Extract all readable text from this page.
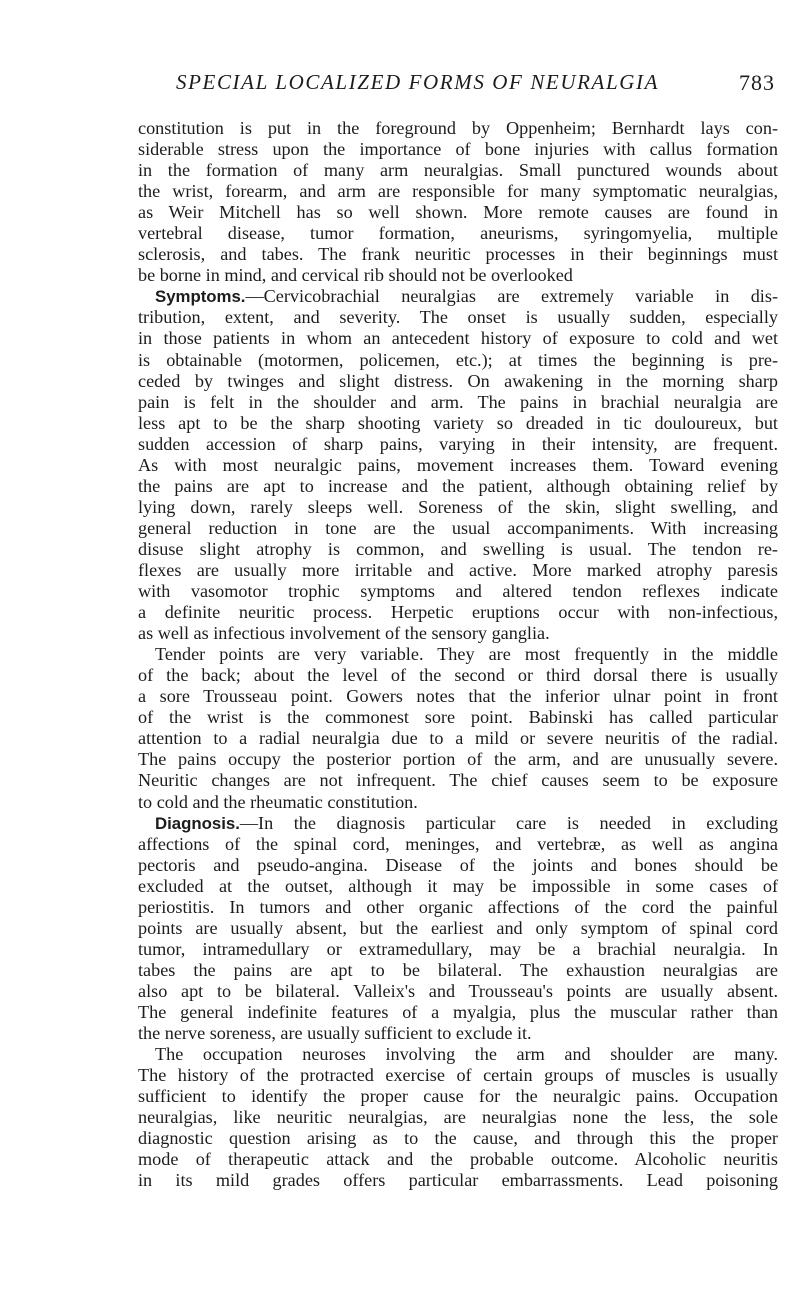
SPECIAL LOCALIZED FORMS OF NEURALGIA	783
constitution is put in the foreground by Oppenheim; Bernhardt lays con-
siderable stress upon the importance of bone injuries with callus formation
in the formation of many arm neuralgias. Small punctured wounds about
the wrist, forearm, and arm are responsible for many symptomatic neuralgias,
as Weir Mitchell has so well shown. More remote causes are found in
vertebral disease, tumor formation, aneurisms, syringomyelia, multiple
sclerosis, and tabes. The frank neuritic processes in their beginnings must
be borne in mind, and cervical rib should not be overlooked
Symptoms.—Cervicobrachial neuralgias are extremely variable in dis-
tribution, extent, and severity. The onset is usually sudden, especially
in those patients in whom an antecedent history of exposure to cold and wet
is obtainable (motormen, policemen, etc.); at times the beginning is pre-
ceded by twinges and slight distress. On awakening in the morning sharp
pain is felt in the shoulder and arm. The pains in brachial neuralgia are
less apt to be the sharp shooting variety so dreaded in tic douloureux, but
sudden accession of sharp pains, varying in their intensity, are frequent.
As with most neuralgic pains, movement increases them. Toward evening
the pains are apt to increase and the patient, although obtaining relief by
lying down, rarely sleeps well. Soreness of the skin, slight swelling, and
general reduction in tone are the usual accompaniments. With increasing
disuse slight atrophy is common, and swelling is usual. The tendon re-
flexes are usually more irritable and active. More marked atrophy paresis
with vasomotor trophic symptoms and altered tendon reflexes indicate
a definite neuritic process. Herpetic eruptions occur with non-infectious,
as well as infectious involvement of the sensory ganglia.
Tender points are very variable. They are most frequently in the middle
of the back; about the level of the second or third dorsal there is usually
a sore Trousseau point. Gowers notes that the inferior ulnar point in front
of the wrist is the commonest sore point. Babinski has called particular
attention to a radial neuralgia due to a mild or severe neuritis of the radial.
The pains occupy the posterior portion of the arm, and are unusually severe.
Neuritic changes are not infrequent. The chief causes seem to be exposure
to cold and the rheumatic constitution.
Diagnosis.—In the diagnosis particular care is needed in excluding
affections of the spinal cord, meninges, and vertebræ, as well as angina
pectoris and pseudo-angina. Disease of the joints and bones should be
excluded at the outset, although it may be impossible in some cases of
periostitis. In tumors and other organic affections of the cord the painful
points are usually absent, but the earliest and only symptom of spinal cord
tumor, intramedullary or extramedullary, may be a brachial neuralgia. In
tabes the pains are apt to be bilateral. The exhaustion neuralgias are
also apt to be bilateral. Valleix's and Trousseau's points are usually absent.
The general indefinite features of a myalgia, plus the muscular rather than
the nerve soreness, are usually sufficient to exclude it.
The occupation neuroses involving the arm and shoulder are many.
The history of the protracted exercise of certain groups of muscles is usually
sufficient to identify the proper cause for the neuralgic pains. Occupation
neuralgias, like neuritic neuralgias, are neuralgias none the less, the sole
diagnostic question arising as to the cause, and through this the proper
mode of therapeutic attack and the probable outcome. Alcoholic neuritis
in its mild grades offers particular embarrassments. Lead poisoning
